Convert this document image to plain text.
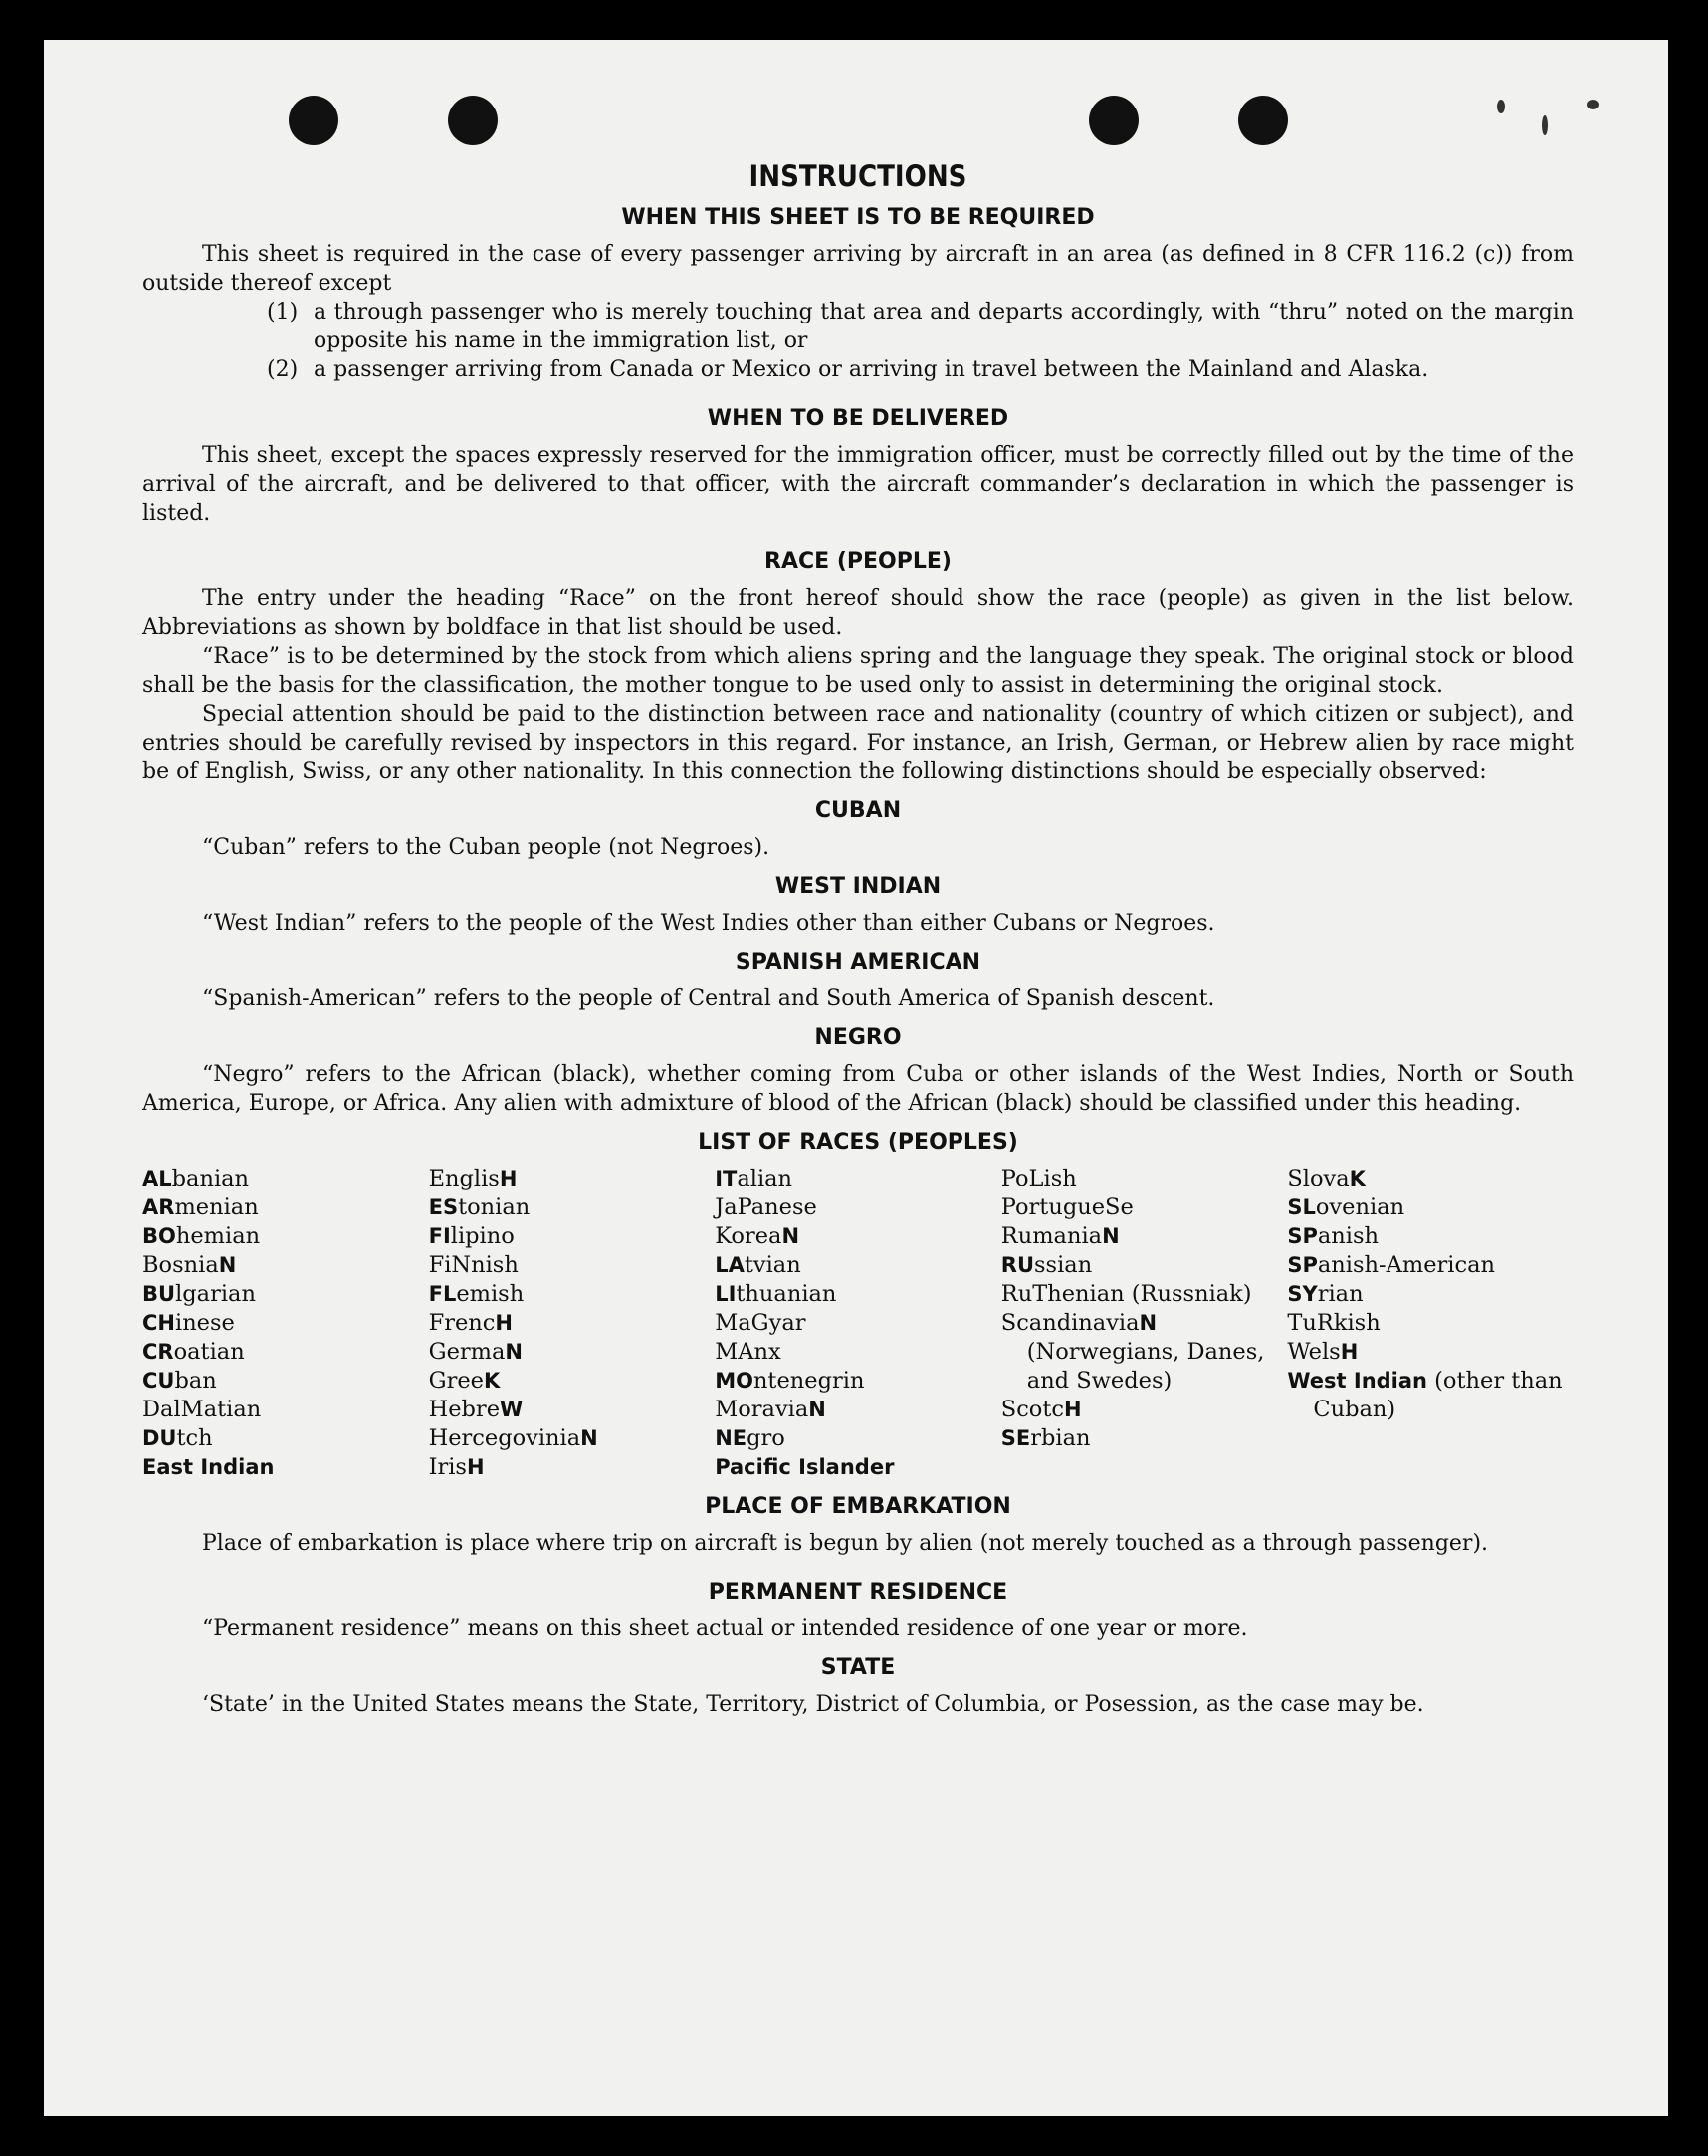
INSTRUCTIONS
WHEN THIS SHEET IS TO BE REQUIRED

This sheet is required in the case of every passenger arriving by aircraft in an area (as defined in 8 CFR 116.2 (c)) from outside thereof except

(1) a through passenger who is merely touching that area and departs accordingly, with “thru” noted on the margin opposite his name in the immigration list, or
(2) a passenger arriving from Canada or Mexico or arriving in travel between the Mainland and Alaska.
WHEN TO BE DELIVERED

This sheet, except the spaces expressly reserved for the immigration officer, must be correctly filled out by the time of the arrival of the aircraft, and be delivered to that officer, with the aircraft commander’s declaration in which the passenger is listed.

RACE (PEOPLE)

The entry under the heading “Race” on the front hereof should show the race (people) as given in the list below. Abbreviations as shown by boldface in that list should be used.

“Race” is to be determined by the stock from which aliens spring and the language they speak. The original stock or blood shall be the basis for the classification, the mother tongue to be used only to assist in determining the original stock.

Special attention should be paid to the distinction between race and nationality (country of which citizen or subject), and entries should be carefully revised by inspectors in this regard. For instance, an Irish, German, or Hebrew alien by race might be of English, Swiss, or any other nationality. In this connection the following distinctions should be especially observed:

CUBAN

“Cuban” refers to the Cuban people (not Negroes).

WEST INDIAN

“West Indian” refers to the people of the West Indies other than either Cubans or Negroes.

SPANISH AMERICAN

“Spanish-American” refers to the people of Central and South America of Spanish descent.

NEGRO

“Negro” refers to the African (black), whether coming from Cuba or other islands of the West Indies, North or South America, Europe, or Africa. Any alien with admixture of blood of the African (black) should be classified under this heading.

LIST OF RACES (PEOPLES)
ALbanian
ARmenian
BOhemian
BosniaN
BUlgarian
CHinese
CRoatian
CUban
DalMatian
DUtch
East Indian
EnglisH
EStonian
FIlipino
FiNnish
FLemish
FrencH
GermaN
GreeK
HebreW
HercegoviniaN
IrisH
ITalian
JaPanese
KoreaN
LAtvian
LIthuanian
MaGyar
MAnx
MOntenegrin
MoraviaN
NEgro
Pacific Islander
PoLish
PortugueSe
RumaniaN
RUssian
RuThenian (Russniak)
ScandinaviaN (Norwegians, Danes, and Swedes)
ScotcH
SErbian
SlovaK
SLovenian
SPanish
SPanish-American
SYrian
TuRkish
WelsH
West Indian (other than Cuban)
PLACE OF EMBARKATION

Place of embarkation is place where trip on aircraft is begun by alien (not merely touched as a through passenger).

PERMANENT RESIDENCE

“Permanent residence” means on this sheet actual or intended residence of one year or more.

STATE

‘State’ in the United States means the State, Territory, District of Columbia, or Posession, as the case may be.
